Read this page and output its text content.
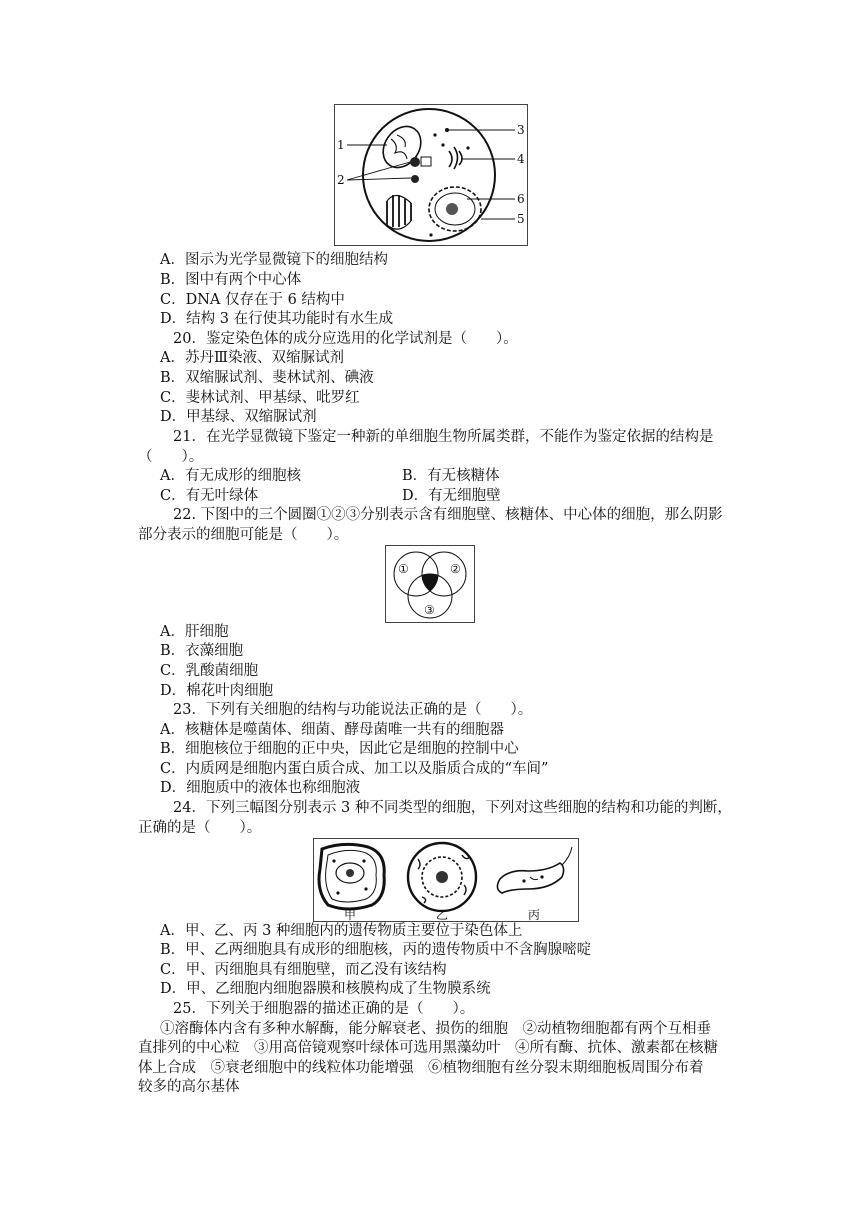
1
2
3
4
6
5
A．图示为光学显微镜下的细胞结构
B．图中有两个中心体
C．DNA 仅存在于 6 结构中
D．结构 3 在行使其功能时有水生成
20．鉴定染色体的成分应选用的化学试剂是（　　）。
A．苏丹Ⅲ染液、双缩脲试剂
B．双缩脲试剂、斐林试剂、碘液
C．斐林试剂、甲基绿、吡罗红
D．甲基绿、双缩脲试剂
21．在光学显微镜下鉴定一种新的单细胞生物所属类群，不能作为鉴定依据的结构是
（　　）。
A．有无成形的细胞核	B．有无核糖体
C．有无叶绿体	D．有无细胞壁
22. 下图中的三个圆圈①②③分别表示含有细胞壁、核糖体、中心体的细胞，那么阴影
部分表示的细胞可能是（　　）。
①	②
③
A．肝细胞
B．衣藻细胞
C．乳酸菌细胞
D．棉花叶肉细胞
23．下列有关细胞的结构与功能说法正确的是（　　）。
A．核糖体是噬菌体、细菌、酵母菌唯一共有的细胞器
B．细胞核位于细胞的正中央，因此它是细胞的控制中心
C．内质网是细胞内蛋白质合成、加工以及脂质合成的“车间”
D．细胞质中的液体也称细胞液
24．下列三幅图分别表示 3 种不同类型的细胞，下列对这些细胞的结构和功能的判断，
正确的是（　　）。
甲	乙	丙
A．甲、乙、丙 3 种细胞内的遗传物质主要位于染色体上
B．甲、乙两细胞具有成形的细胞核，丙的遗传物质中不含胸腺嘧啶
C．甲、丙细胞具有细胞壁，而乙没有该结构
D．甲、乙细胞内细胞器膜和核膜构成了生物膜系统
25．下列关于细胞器的描述正确的是（　　）。
①溶酶体内含有多种水解酶，能分解衰老、损伤的细胞　②动植物细胞都有两个互相垂
直排列的中心粒　③用高倍镜观察叶绿体可选用黑藻幼叶　④所有酶、抗体、激素都在核糖
体上合成　⑤衰老细胞中的线粒体功能增强　⑥植物细胞有丝分裂末期细胞板周围分布着
较多的高尔基体
